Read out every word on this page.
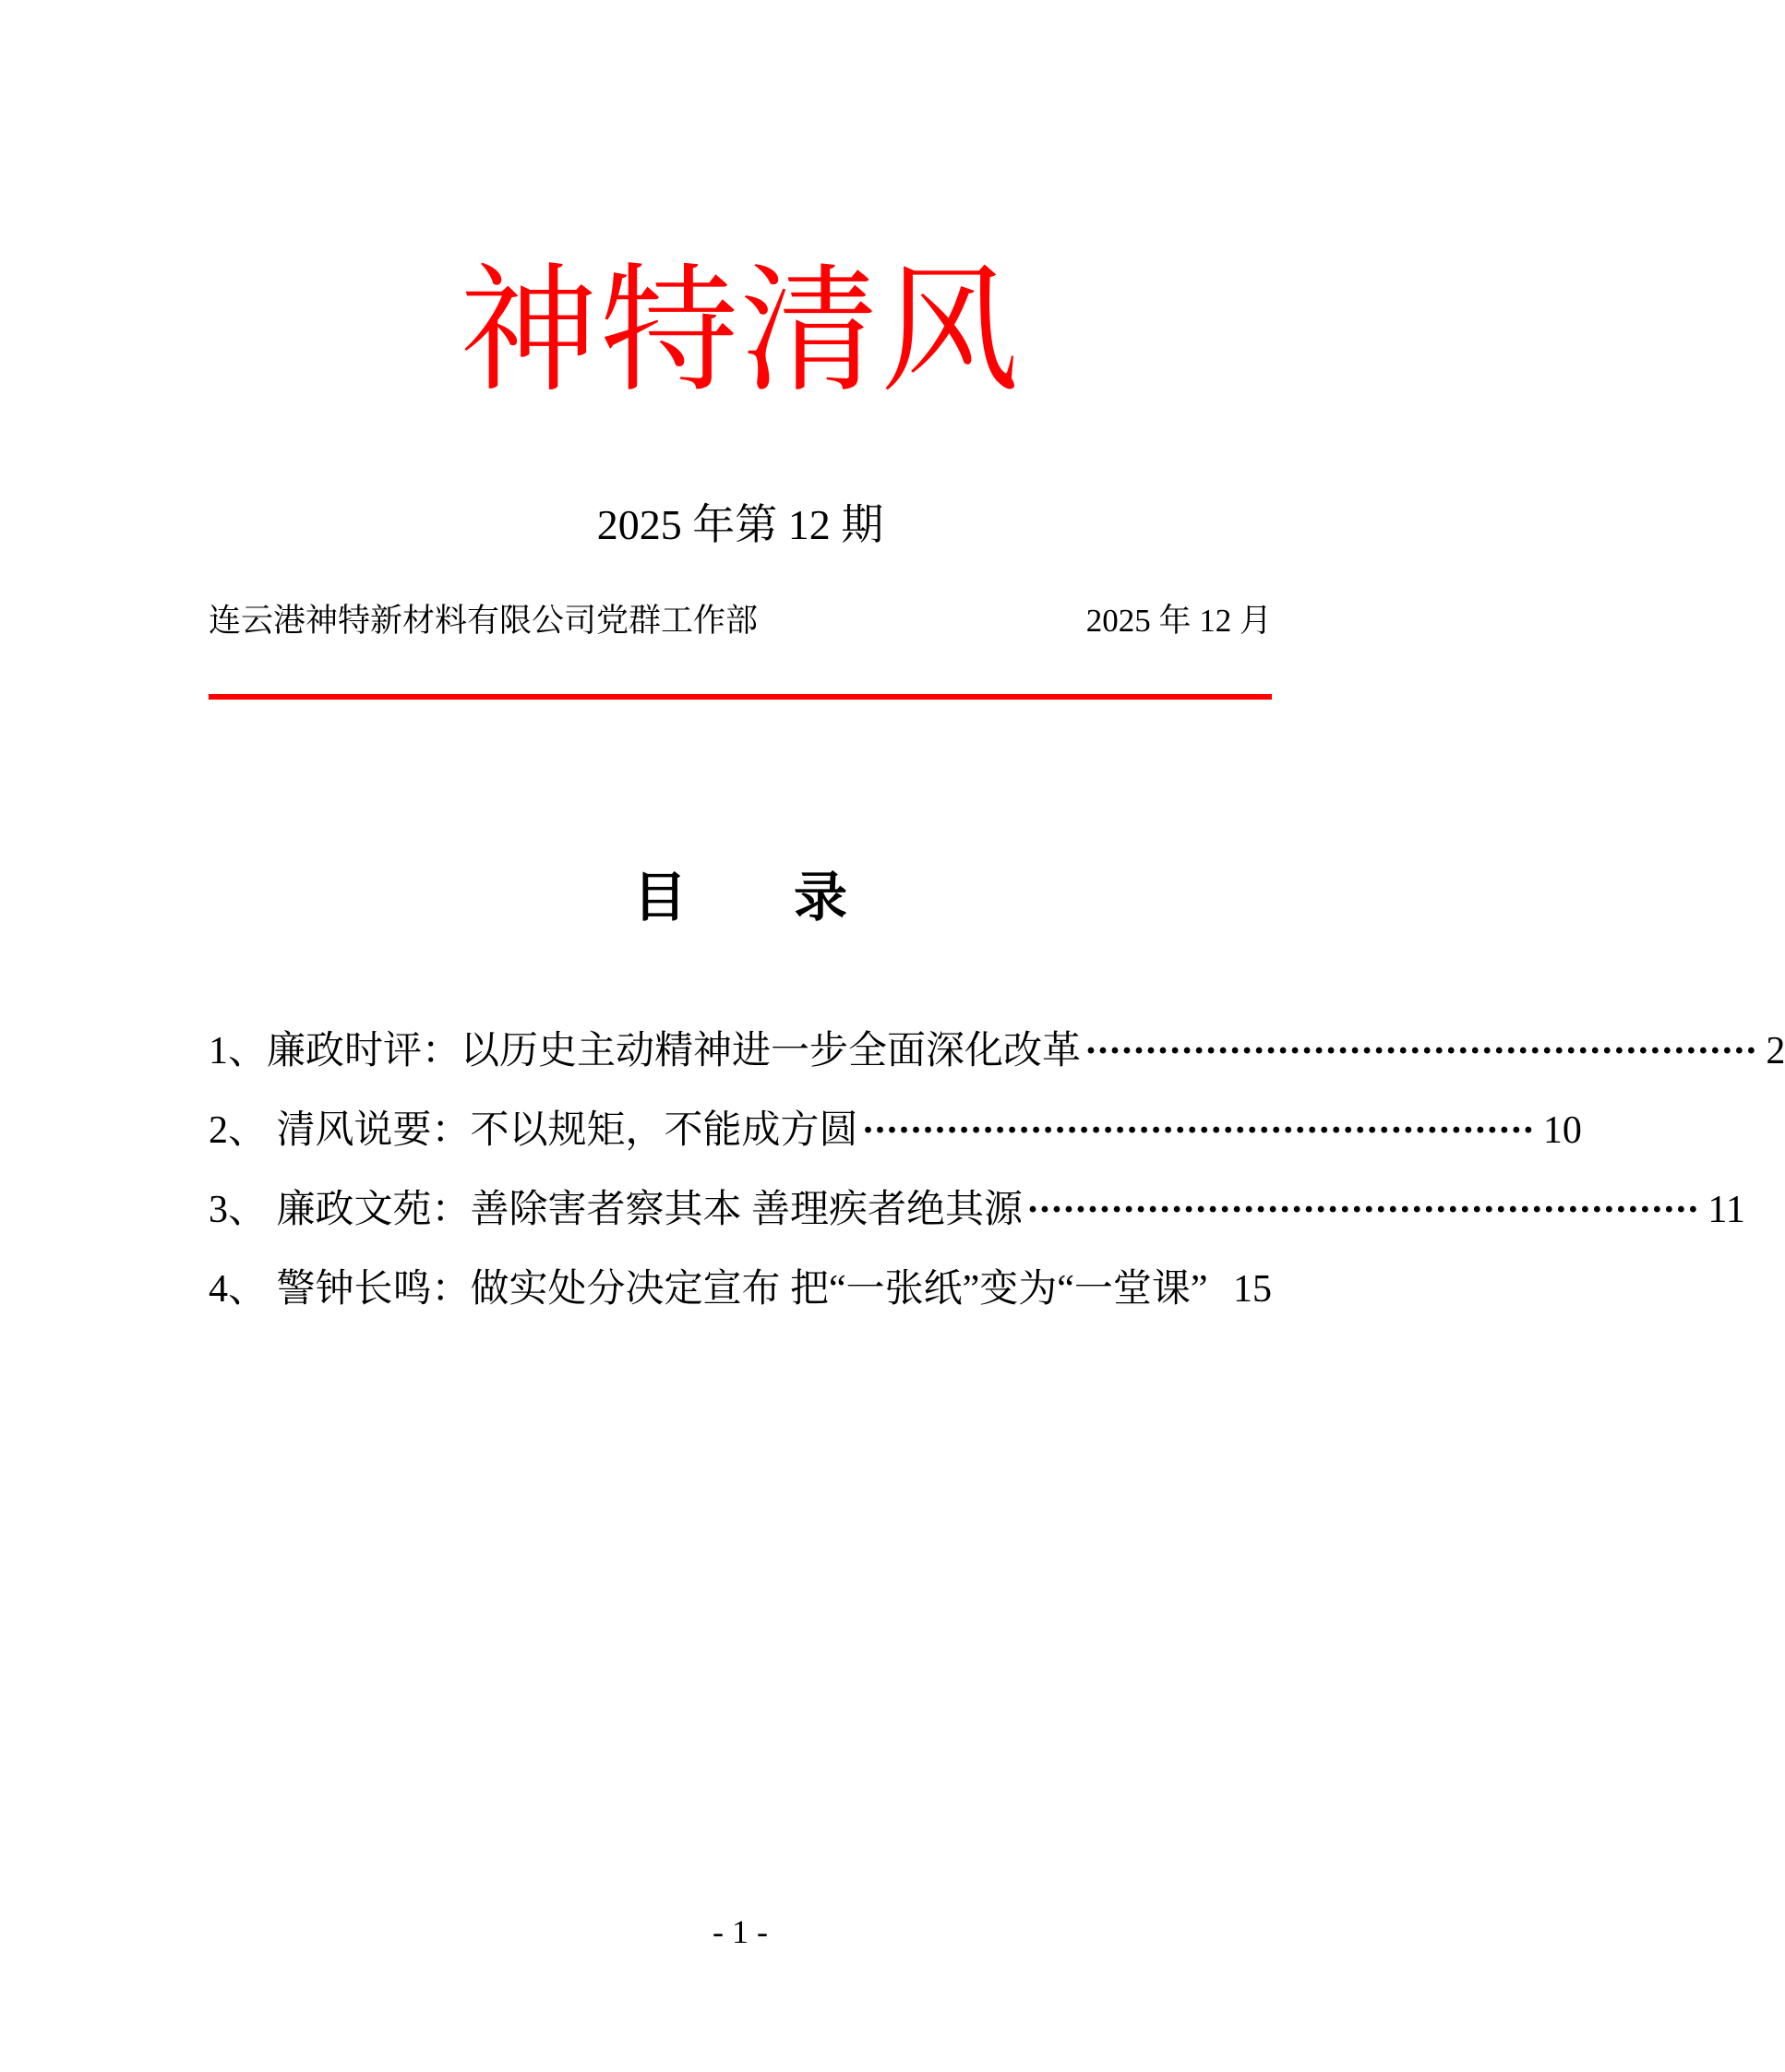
神特清风
2025 年第 12 期
连云港神特新材料有限公司党群工作部	2025 年 12 月
目　　录
1、廉政时评：以历史主动精神进一步全面深化改革 ························································ 2
2、 清风说要：不以规矩，不能成方圆 ························································ 10
3、 廉政文苑：善除害者察其本 善理疾者绝其源 ························································ 11
4、 警钟长鸣：做实处分决定宣布 把“一张纸”变为“一堂课” 15
- 1 -
